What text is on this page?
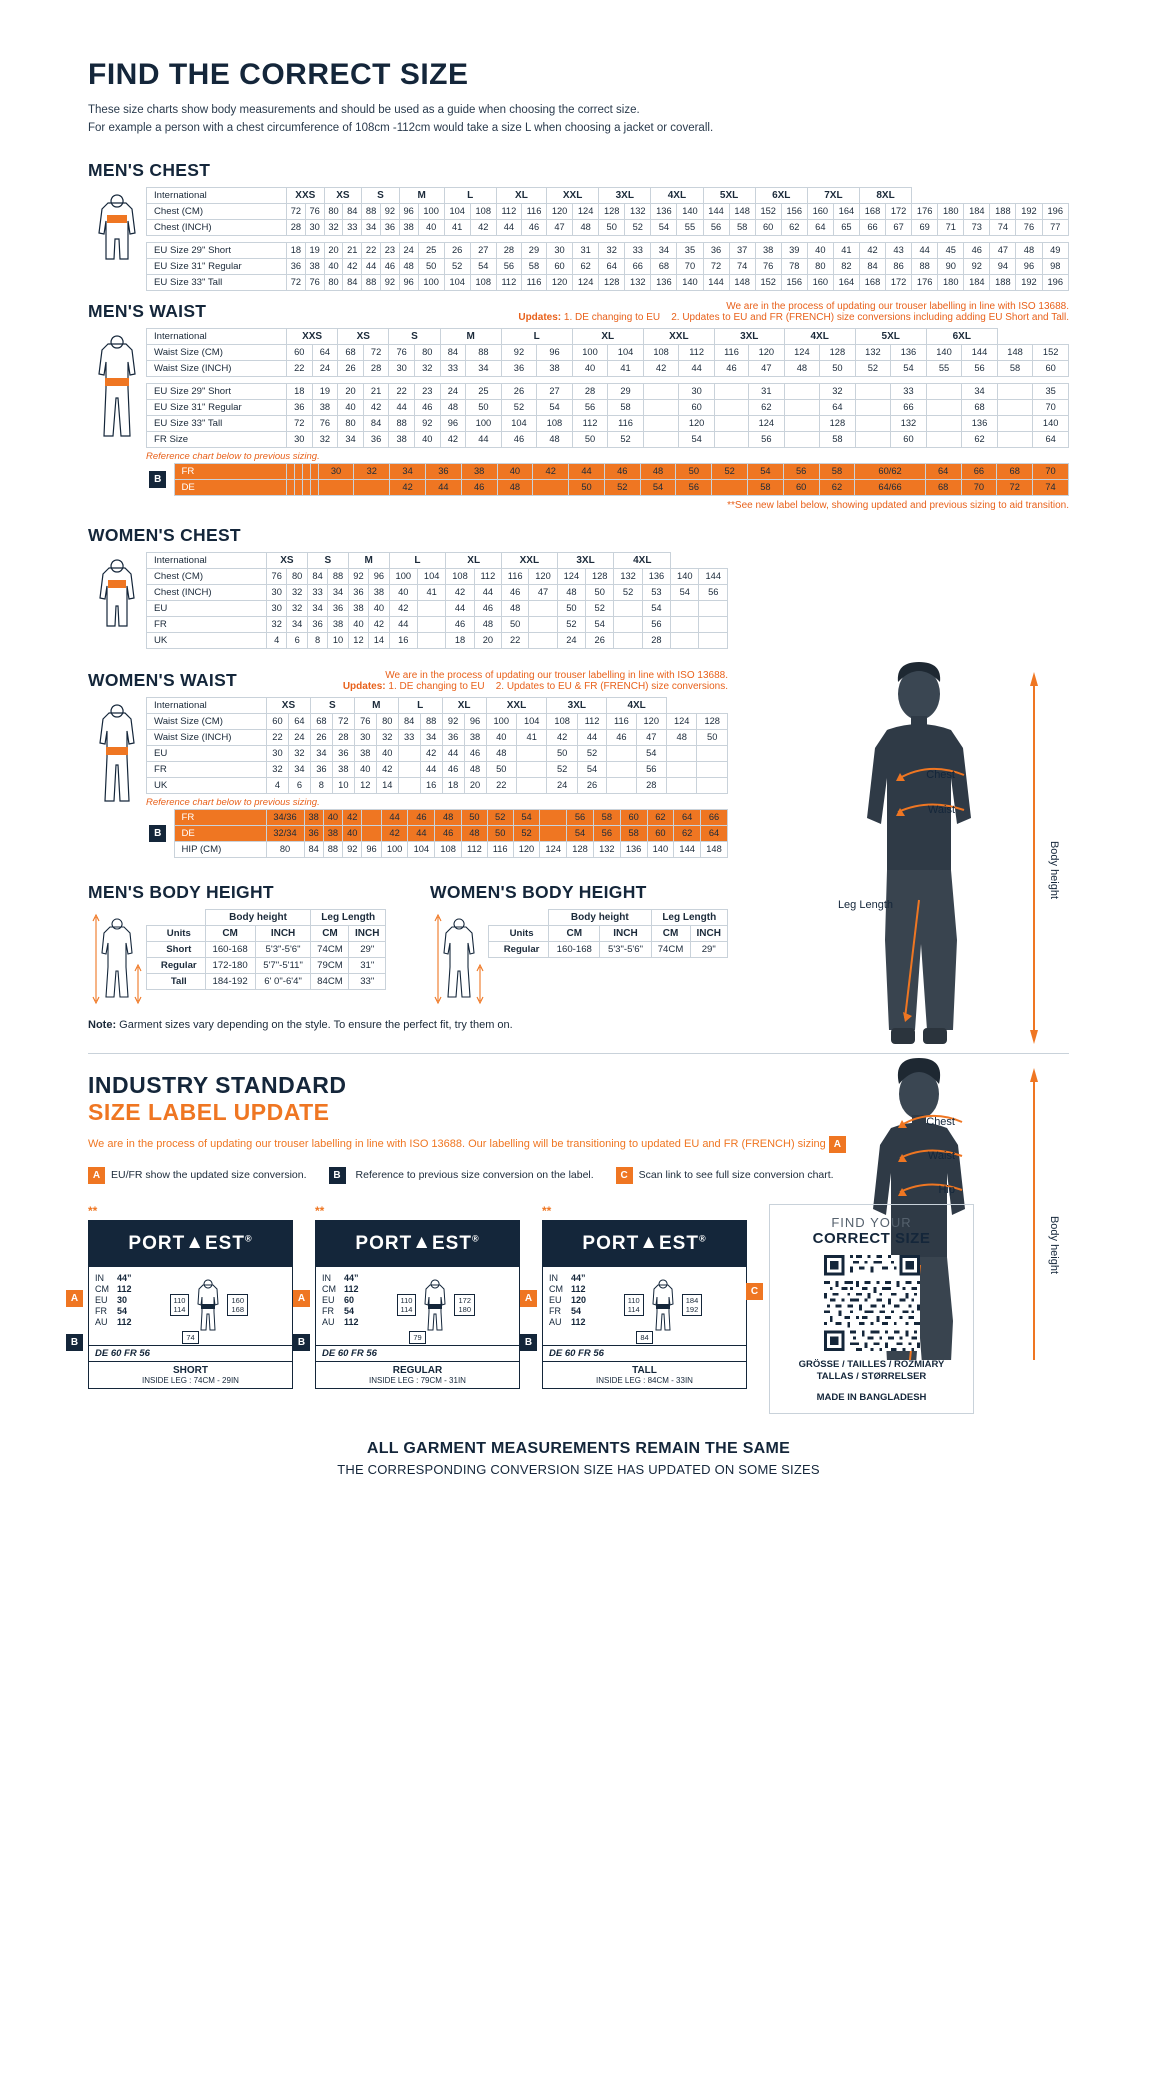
FIND THE CORRECT SIZE
These size charts show body measurements and should be used as a guide when choosing the correct size.
For example a person with a chest circumference of 108cm -112cm would take a size L when choosing a jacket or coverall.
MEN'S CHEST
International	XXS		XS		S		M		L		XL		XXL		3XL		4XL		5XL		6XL		7XL		8XL							
Chest (CM)	72	76	80	84	88	92	96	100	104	108	112	116	120	124	128	132	136	140	144	148	152	156	160	164	168	172	176	180	184	188	192	196
Chest (INCH)	28	30	32	33	34	36	38	40	41	42	44	46	47	48	50	52	54	55	56	58	60	62	64	65	66	67	69	71	73	74	76	77

EU Size 29" Short	18	19	20	21	22	23	24	25	26	27	28	29	30	31	32	33	34	35	36	37	38	39	40	41	42	43	44	45	46	47	48	49
EU Size 31" Regular	36	38	40	42	44	46	48	50	52	54	56	58	60	62	64	66	68	70	72	74	76	78	80	82	84	86	88	90	92	94	96	98
EU Size 33" Tall	72	76	80	84	88	92	96	100	104	108	112	116	120	124	128	132	136	140	144	148	152	156	160	164	168	172	176	180	184	188	192	196
We are in the process of updating our trouser labelling in line with ISO 13688.
Updates: 1. DE changing to EU 2. Updates to EU and FR (FRENCH) size conversions including adding EU Short and Tall.
MEN'S WAIST
International	XXS		XS		S		M		L		XL		XXL		3XL		4XL		5XL		6XL			
Waist Size (CM)	60	64	68	72	76	80	84	88	92	96	100	104	108	112	116	120	124	128	132	136	140	144	148	152
Waist Size (INCH)	22	24	26	28	30	32	33	34	36	38	40	41	42	44	46	47	48	50	52	54	55	56	58	60

EU Size 29" Short	18	19	20	21	22	23	24	25	26	27	28	29		30		31		32		33		34		35
EU Size 31" Regular	36	38	40	42	44	46	48	50	52	54	56	58		60		62		64		66		68		70
EU Size 33" Tall	72	76	80	84	88	92	96	100	104	108	112	116		120		124		128		132		136		140
FR Size	30	32	34	36	38	40	42	44	46	48	50	52		54		56		58		60		62		64
Reference chart below to previous sizing.
B	FR					30	32	34	36	38	40	42	44	46	48	50	52	54	56	58	60/62	64	66	68	70
	DE							42	44	46	48		50	52	54	56		58	60	62	64/66	68	70	72	74
**See new label below, showing updated and previous sizing to aid transition.
WOMEN'S CHEST
International	XS		S		M		L		XL		XXL		3XL		4XL			
Chest (CM)	76	80	84	88	92	96	100	104	108	112	116	120	124	128	132	136	140	144
Chest (INCH)	30	32	33	34	36	38	40	41	42	44	46	47	48	50	52	53	54	56
EU	30	32	34	36	38	40	42		44	46	48		50	52		54		
FR	32	34	36	38	40	42	44		46	48	50		52	54		56		
UK	4	6	8	10	12	14	16		18	20	22		24	26		28		
We are in the process of updating our trouser labelling in line with ISO 13688.
Updates: 1. DE changing to EU 2. Updates to EU & FR (FRENCH) size conversions.
WOMEN'S WAIST
International	XS		S		M		L		XL		XXL		3XL		4XL			
Waist Size (CM)	60	64	68	72	76	80	84	88	92	96	100	104	108	112	116	120	124	128
Waist Size (INCH)	22	24	26	28	30	32	33	34	36	38	40	41	42	44	46	47	48	50
EU	30	32	34	36	38	40		42	44	46	48		50	52		54		
FR	32	34	36	38	40	42		44	46	48	50		52	54		56		
UK	4	6	8	10	12	14		16	18	20	22		24	26		28		
Reference chart below to previous sizing.
B	FR	34/36	38	40	42		44	46	48	50	52	54		56	58	60	62	64	66
	DE	32/34	36	38	40		42	44	46	48	50	52		54	56	58	60	62	64
	HIP (CM)	80	84	88	92	96	100	104	108	112	116	120	124	128	132	136	140	144	148
MEN'S BODY HEIGHT
	Body height		Leg Length	
Units	CM	INCH	CM	INCH
Short	160-168	5'3"-5'6"	74CM	29"
Regular	172-180	5'7"-5'11"	79CM	31"
Tall	184-192	6' 0"-6'4"	84CM	33"
WOMEN'S BODY HEIGHT
	Body height		Leg Length	
Units	CM	INCH	CM	INCH
Regular	160-168	5'3"-5'6"	74CM	29"
Note: Garment sizes vary depending on the style. To ensure the perfect fit, try them on.
Chest
Waist
Leg Length
Body height
Chest
Waist
Hip
Body height
INDUSTRY STANDARD
SIZE LABEL UPDATE
We are in the process of updating our trouser labelling in line with ISO 13688. Our labelling will be transitioning to updated EU and FR (FRENCH) sizing A
A	EU/FR show the updated size conversion.	B	Reference to previous size conversion on the label.	C	Scan link to see full size conversion chart.
**
A
B
PORT▲EST®
IN	44”
CM 112
EU	30
FR	54
AU	112
110
114
160
168
74
DE 60 FR 56
SHORT
INSIDE LEG : 74CM - 29IN
**
A
B
PORT▲EST®
IN	44”
CM 112
EU	60
FR	54
AU	112
110
114
172
180
79
DE 60 FR 56
REGULAR
INSIDE LEG : 79CM - 31IN
**
A
B
PORT▲EST®
IN	44”
CM 112
EU	120
FR	54
AU	112
110
114
184
192
84
DE 60 FR 56
TALL
INSIDE LEG : 84CM - 33IN
C
FIND YOUR
CORRECT SIZE
GRÖSSE / TAILLES / ROZMIARY
TALLAS / STØRRELSER
MADE IN BANGLADESH
ALL GARMENT MEASUREMENTS REMAIN THE SAME
THE CORRESPONDING CONVERSION SIZE HAS UPDATED ON SOME SIZES
